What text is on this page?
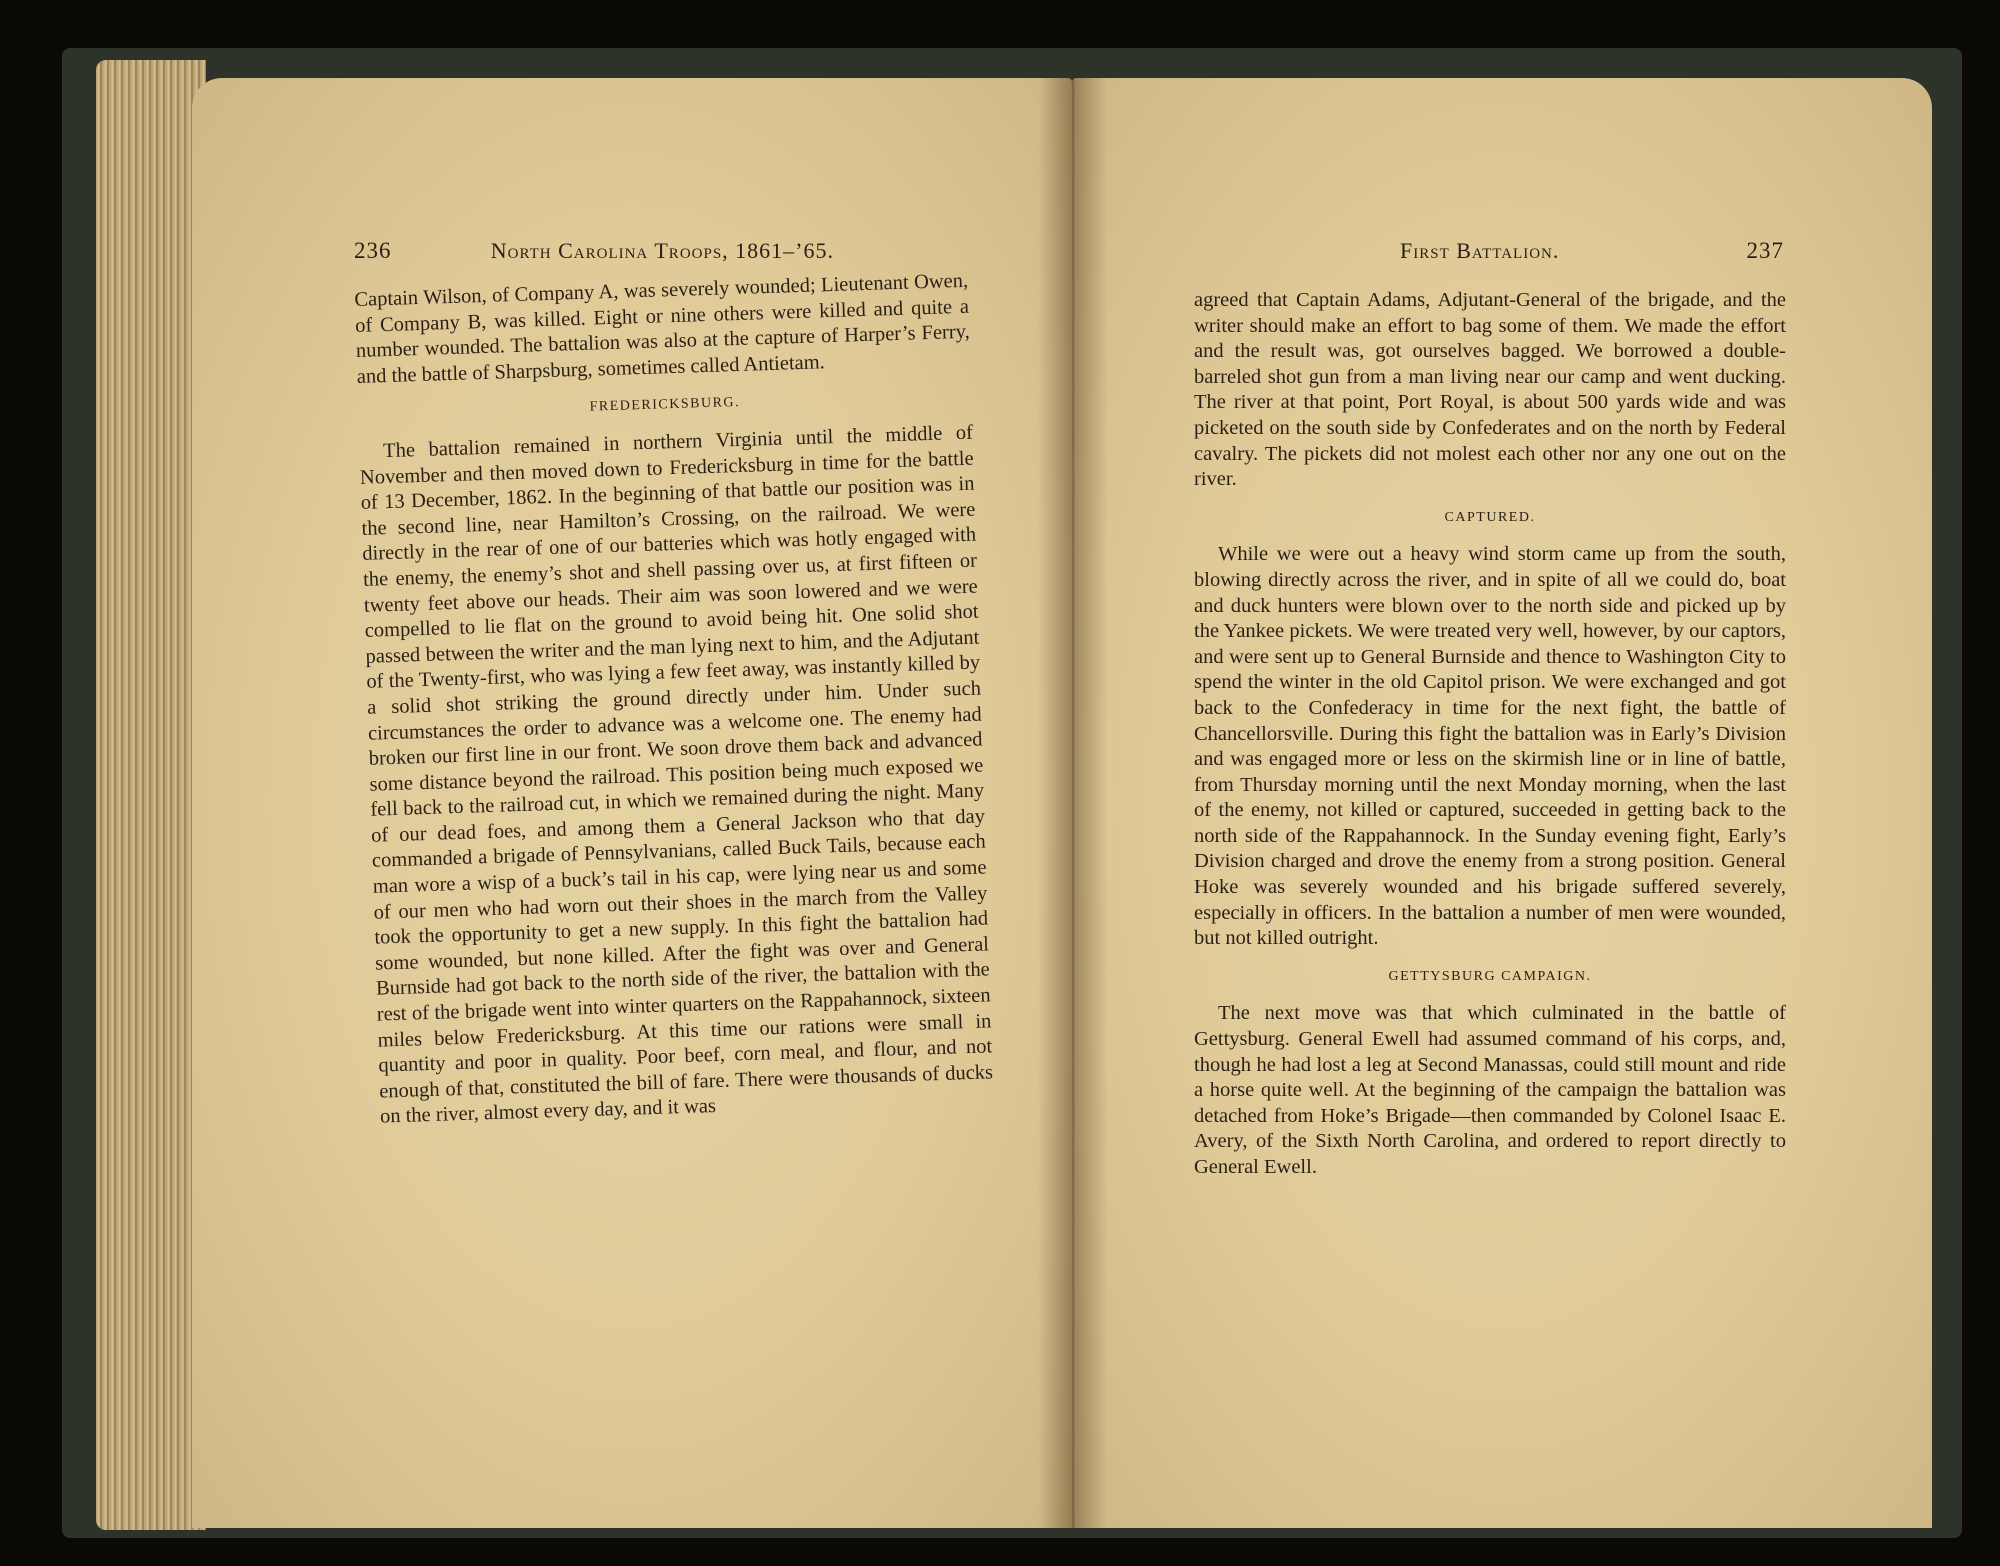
236	North Carolina Troops, 1861–’65.

Captain Wilson, of Company A, was severely wounded; Lieutenant Owen, of Company B, was killed. Eight or nine others were killed and quite a number wounded. The battalion was also at the capture of Harper’s Ferry, and the battle of Sharpsburg, sometimes called Antietam.

FREDERICKSBURG.

The battalion remained in northern Virginia until the middle of November and then moved down to Fredericksburg in time for the battle of 13 December, 1862. In the beginning of that battle our position was in the second line, near Hamilton’s Crossing, on the railroad. We were directly in the rear of one of our batteries which was hotly engaged with the enemy, the enemy’s shot and shell passing over us, at first fifteen or twenty feet above our heads. Their aim was soon lowered and we were compelled to lie flat on the ground to avoid being hit. One solid shot passed between the writer and the man lying next to him, and the Adjutant of the Twenty-first, who was lying a few feet away, was instantly killed by a solid shot striking the ground directly under him. Under such circumstances the order to advance was a welcome one. The enemy had broken our first line in our front. We soon drove them back and advanced some distance beyond the railroad. This position being much exposed we fell back to the railroad cut, in which we remained during the night. Many of our dead foes, and among them a General Jackson who that day commanded a brigade of Pennsylvanians, called Buck Tails, because each man wore a wisp of a buck’s tail in his cap, were lying near us and some of our men who had worn out their shoes in the march from the Valley took the opportunity to get a new supply. In this fight the battalion had some wounded, but none killed. After the fight was over and General Burnside had got back to the north side of the river, the battalion with the rest of the brigade went into winter quarters on the Rappahannock, sixteen miles below Fredericksburg. At this time our rations were small in quantity and poor in quality. Poor beef, corn meal, and flour, and not enough of that, constituted the bill of fare. There were thousands of ducks on the river, almost every day, and it was

First Battalion.	237

agreed that Captain Adams, Adjutant-General of the brigade, and the writer should make an effort to bag some of them. We made the effort and the result was, got ourselves bagged. We borrowed a double-barreled shot gun from a man living near our camp and went ducking. The river at that point, Port Royal, is about 500 yards wide and was picketed on the south side by Confederates and on the north by Federal cavalry. The pickets did not molest each other nor any one out on the river.

CAPTURED.

While we were out a heavy wind storm came up from the south, blowing directly across the river, and in spite of all we could do, boat and duck hunters were blown over to the north side and picked up by the Yankee pickets. We were treated very well, however, by our captors, and were sent up to General Burnside and thence to Washington City to spend the winter in the old Capitol prison. We were exchanged and got back to the Confederacy in time for the next fight, the battle of Chancellorsville. During this fight the battalion was in Early’s Division and was engaged more or less on the skirmish line or in line of battle, from Thursday morning until the next Monday morning, when the last of the enemy, not killed or captured, succeeded in getting back to the north side of the Rappahannock. In the Sunday evening fight, Early’s Division charged and drove the enemy from a strong position. General Hoke was severely wounded and his brigade suffered severely, especially in officers. In the battalion a number of men were wounded, but not killed outright.

GETTYSBURG CAMPAIGN.

The next move was that which culminated in the battle of Gettysburg. General Ewell had assumed command of his corps, and, though he had lost a leg at Second Manassas, could still mount and ride a horse quite well. At the beginning of the campaign the battalion was detached from Hoke’s Brigade—then commanded by Colonel Isaac E. Avery, of the Sixth North Carolina, and ordered to report directly to General Ewell.
